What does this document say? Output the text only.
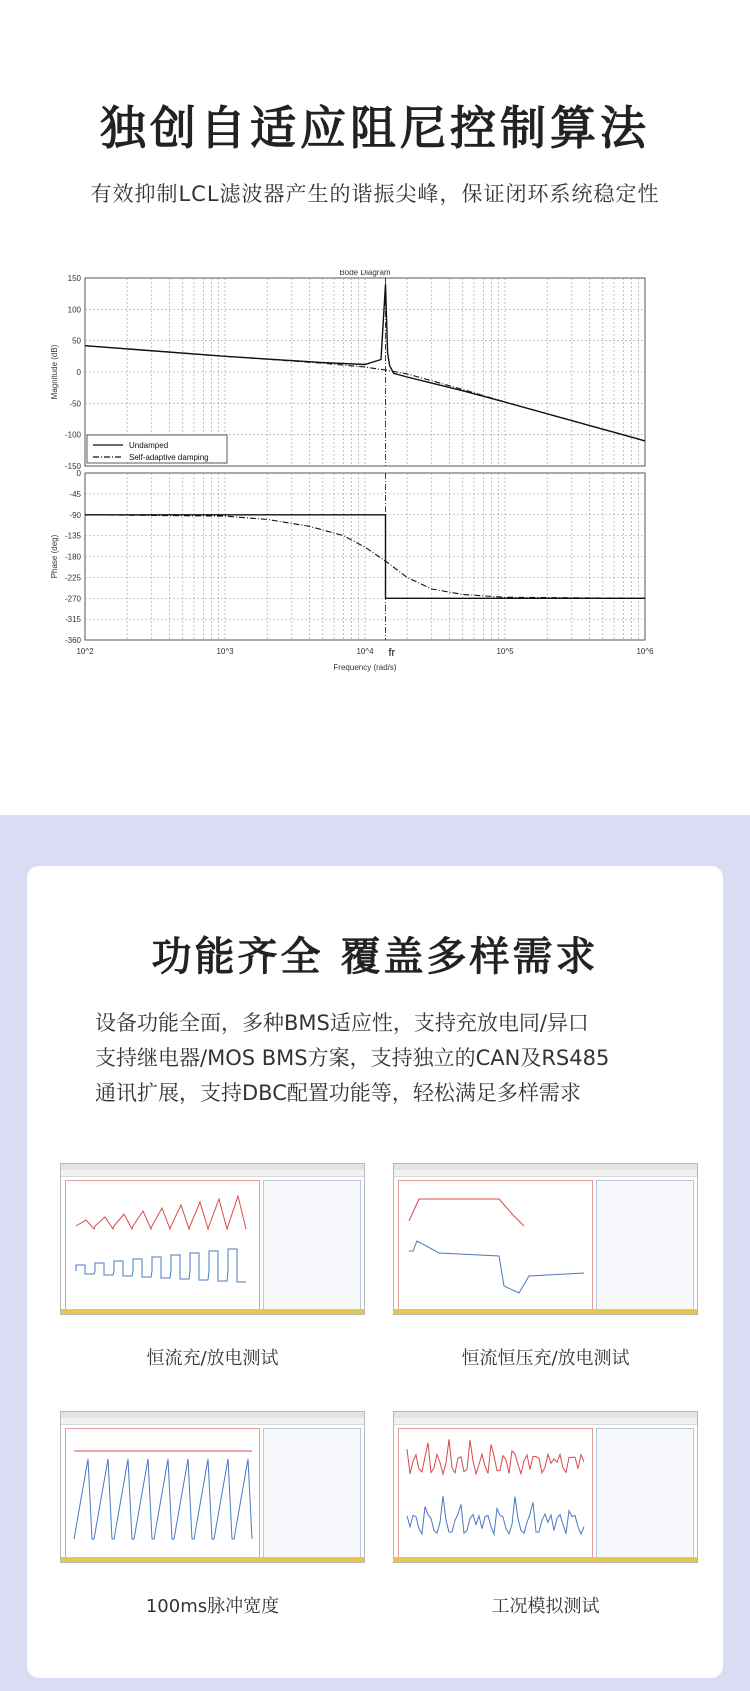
独创自适应阻尼控制算法
有效抑制LCL滤波器产生的谐振尖峰，保证闭环系统稳定性
150
100
50
0
-50
-100
-150
Magnitude (dB)
0
-45
-90
-135
-180
-225
-270
-315
-360
Phase (deg)
Bode Diagram
Undamped
Self-adaptive damping
10^2	10^3	10^4	10^5	10^6
fr
Frequency (rad/s)
功能齐全 覆盖多样需求
设备功能全面，多种BMS适应性，支持充放电同/异口
支持继电器/MOS BMS方案，支持独立的CAN及RS485
通讯扩展，支持DBC配置功能等，轻松满足多样需求
恒流充/放电测试	恒流恒压充/放电测试
100ms脉冲宽度	工况模拟测试
